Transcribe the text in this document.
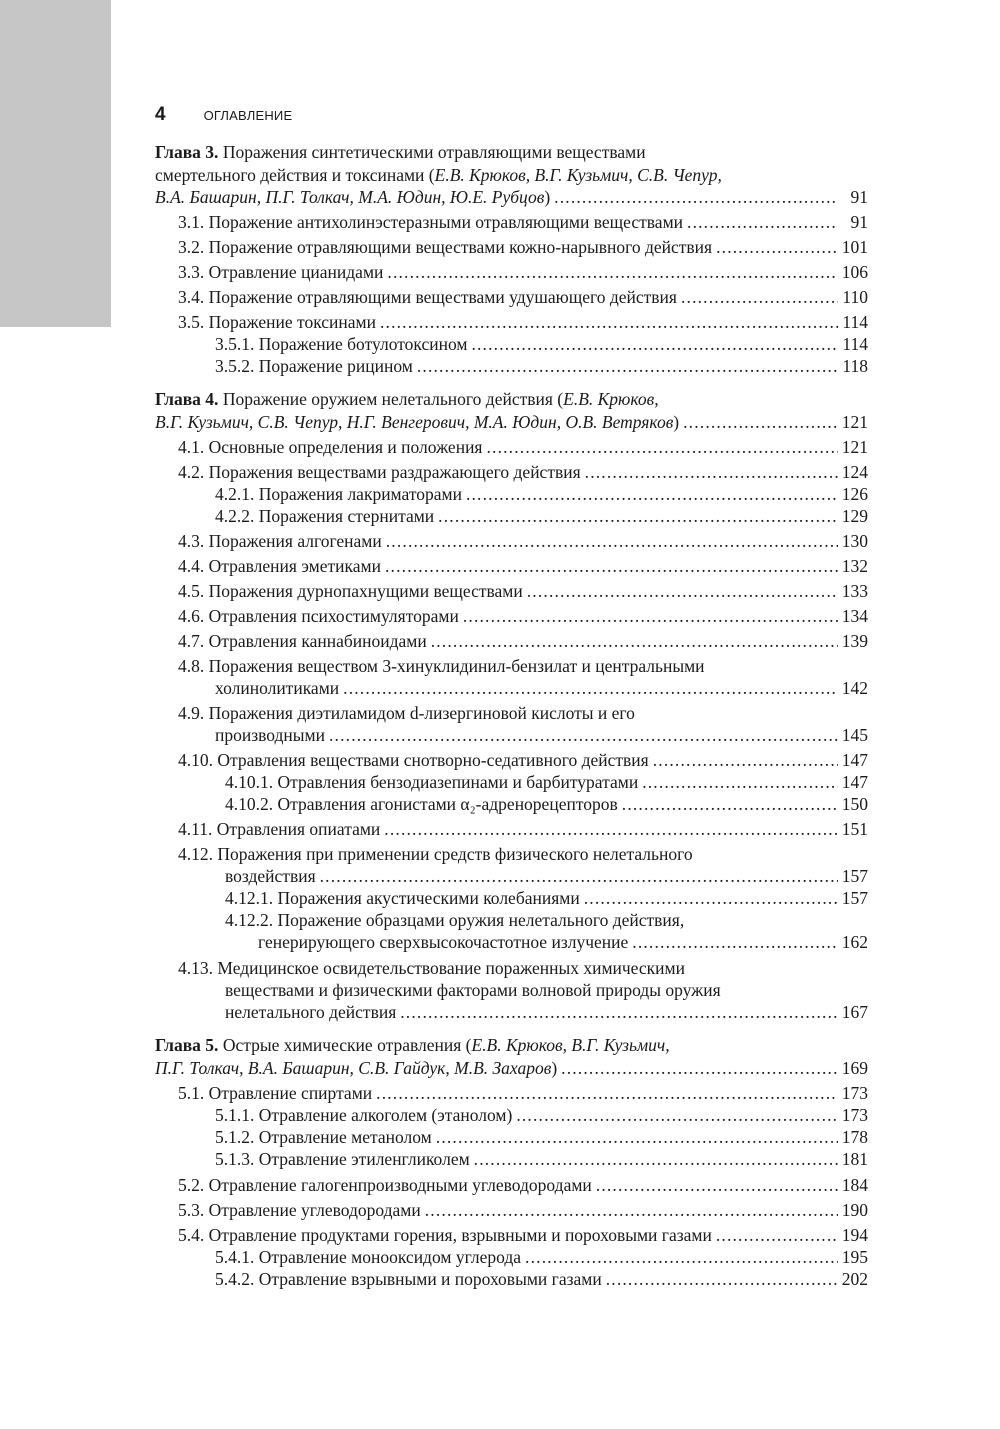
4	ОГЛАВЛЕНИЕ
Глава 3. Поражения синтетическими отравляющими веществами
смертельного действия и токсинами (Е.В. Крюков, В.Г. Кузьмич, С.В. Чепур,
В.А. Башарин, П.Г. Толкач, М.А. Юдин, Ю.Е. Рубцов) . . .	91
3.1. Поражение антихолинэстеразными отравляющими веществами . . .	91
3.2. Поражение отравляющими веществами кожно-нарывного действия . . .	101
3.3. Отравление цианидами . . .	106
3.4. Поражение отравляющими веществами удушающего действия . . .	110
3.5. Поражение токсинами . . .	114
3.5.1. Поражение ботулотоксином . . .	114
3.5.2. Поражение рицином . . .	118
Глава 4. Поражение оружием нелетального действия (Е.В. Крюков,
В.Г. Кузьмич, С.В. Чепур, Н.Г. Венгерович, М.А. Юдин, О.В. Ветряков) . . .	121
4.1. Основные определения и положения . . .	121
4.2. Поражения веществами раздражающего действия . . .	124
4.2.1. Поражения лакриматорами . . .	126
4.2.2. Поражения стернитами . . .	129
4.3. Поражения алгогенами . . .	130
4.4. Отравления эметиками . . .	132
4.5. Поражения дурнопахнущими веществами . . .	133
4.6. Отравления психостимуляторами . . .	134
4.7. Отравления каннабиноидами . . .	139
4.8. Поражения веществом 3-хинуклидинил-бензилат и центральными
холинолитиками . . .	142
4.9. Поражения диэтиламидом d-лизергиновой кислоты и его
производными . . .	145
4.10. Отравления веществами снотворно-седативного действия . . .	147
4.10.1. Отравления бензодиазепинами и барбитуратами . . .	147
4.10.2. Отравления агонистами α₂-адренорецепторов . . .	150
4.11. Отравления опиатами . . .	151
4.12. Поражения при применении средств физического нелетального
воздействия . . .	157
4.12.1. Поражения акустическими колебаниями . . .	157
4.12.2. Поражение образцами оружия нелетального действия,
генерирующего сверхвысокочастотное излучение . . .	162
4.13. Медицинское освидетельствование пораженных химическими
веществами и физическими факторами волновой природы оружия
нелетального действия . . .	167
Глава 5. Острые химические отравления (Е.В. Крюков, В.Г. Кузьмич,
П.Г. Толкач, В.А. Башарин, С.В. Гайдук, М.В. Захаров) . . .	169
5.1. Отравление спиртами . . .	173
5.1.1. Отравление алкоголем (этанолом) . . .	173
5.1.2. Отравление метанолом . . .	178
5.1.3. Отравление этиленгликолем . . .	181
5.2. Отравление галогенпроизводными углеводородами . . .	184
5.3. Отравление углеводородами . . .	190
5.4. Отравление продуктами горения, взрывными и пороховыми газами . . .	194
5.4.1. Отравление монооксидом углерода . . .	195
5.4.2. Отравление взрывными и пороховыми газами . . .	202
